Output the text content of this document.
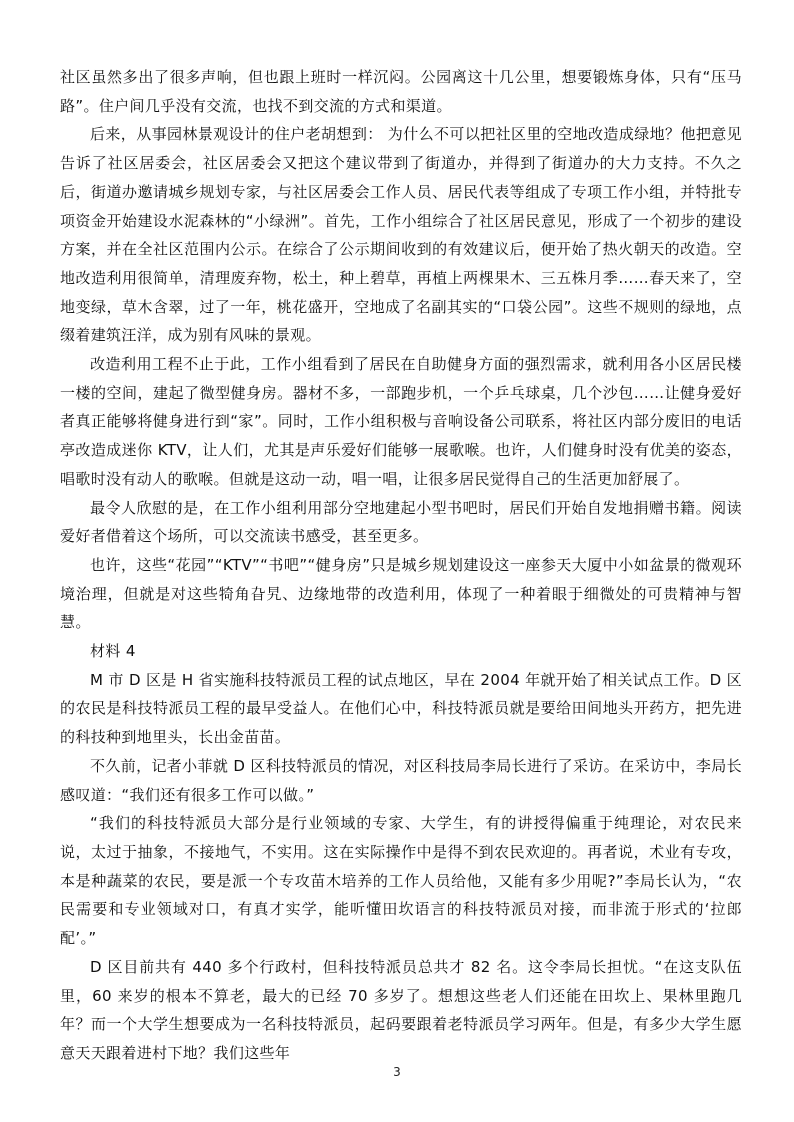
社区虽然多出了很多声响，但也跟上班时一样沉闷。公园离这十几公里，想要锻炼身体，只有“压马路”。住户间几乎没有交流，也找不到交流的方式和渠道。

后来，从事园林景观设计的住户老胡想到： 为什么不可以把社区里的空地改造成绿地？他把意见告诉了社区居委会，社区居委会又把这个建议带到了街道办，并得到了街道办的大力支持。不久之后，街道办邀请城乡规划专家，与社区居委会工作人员、居民代表等组成了专项工作小组，并特批专项资金开始建设水泥森林的“小绿洲”。首先，工作小组综合了社区居民意见，形成了一个初步的建设方案，并在全社区范围内公示。在综合了公示期间收到的有效建议后，便开始了热火朝天的改造。空地改造利用很简单，清理废弃物，松土，种上碧草，再植上两棵果木、三五株月季……春天来了，空地变绿，草木含翠，过了一年，桃花盛开，空地成了名副其实的“口袋公园”。这些不规则的绿地，点缀着建筑汪洋，成为别有风味的景观。

改造利用工程不止于此，工作小组看到了居民在自助健身方面的强烈需求，就利用各小区居民楼一楼的空间，建起了微型健身房。器材不多，一部跑步机，一个乒乓球桌，几个沙包……让健身爱好者真正能够将健身进行到“家”。同时，工作小组积极与音响设备公司联系，将社区内部分废旧的电话亭改造成迷你 KTV，让人们，尤其是声乐爱好们能够一展歌喉。也许，人们健身时没有优美的姿态，唱歌时没有动人的歌喉。但就是这动一动，唱一唱，让很多居民觉得自己的生活更加舒展了。

最令人欣慰的是，在工作小组利用部分空地建起小型书吧时，居民们开始自发地捐赠书籍。阅读爱好者借着这个场所，可以交流读书感受，甚至更多。

也许，这些“花园”“KTV”“书吧”“健身房”只是城乡规划建设这一座参天大厦中小如盆景的微观环境治理，但就是对这些犄角旮旯、边缘地带的改造利用，体现了一种着眼于细微处的可贵精神与智慧。

材料 4

M 市 D 区是 H 省实施科技特派员工程的试点地区，早在 2004 年就开始了相关试点工作。D 区的农民是科技特派员工程的最早受益人。在他们心中，科技特派员就是要给田间地头开药方，把先进的科技种到地里头，长出金苗苗。

不久前，记者小菲就 D 区科技特派员的情况，对区科技局李局长进行了采访。在采访中，李局长感叹道：“我们还有很多工作可以做。”

“我们的科技特派员大部分是行业领域的专家、大学生，有的讲授得偏重于纯理论，对农民来说，太过于抽象，不接地气，不实用。这在实际操作中是得不到农民欢迎的。再者说，术业有专攻，本是种蔬菜的农民，要是派一个专攻苗木培养的工作人员给他，又能有多少用呢?”李局长认为，“农民需要和专业领域对口，有真才实学，能听懂田坎语言的科技特派员对接，而非流于形式的‘拉郎配’。”

D 区目前共有 440 多个行政村，但科技特派员总共才 82 名。这令李局长担忧。“在这支队伍里，60 来岁的根本不算老，最大的已经 70 多岁了。想想这些老人们还能在田坎上、果林里跑几年？而一个大学生想要成为一名科技特派员，起码要跟着老特派员学习两年。但是，有多少大学生愿意天天跟着进村下地？我们这些年

3
